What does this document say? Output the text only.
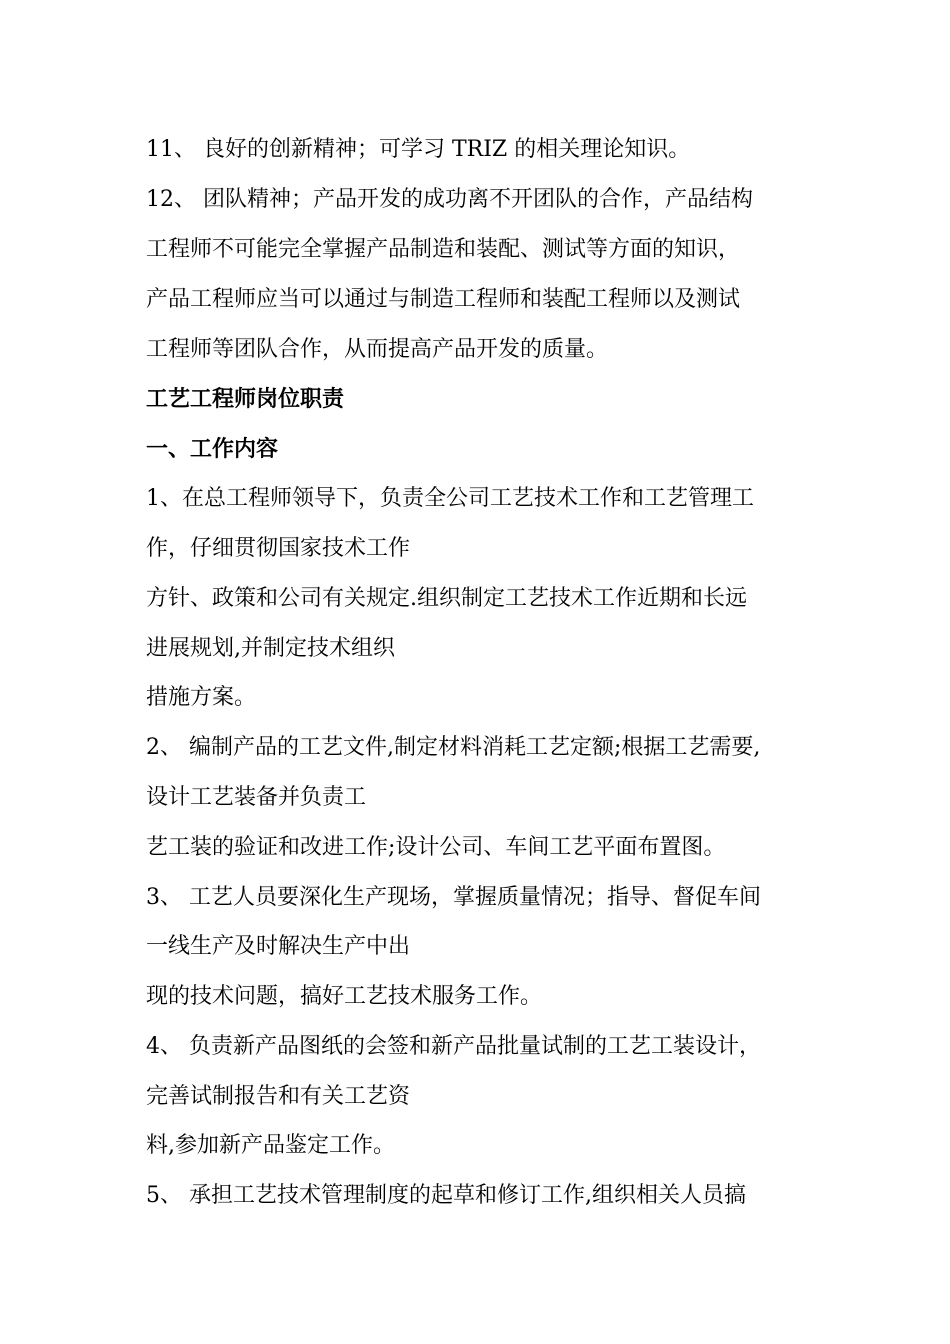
11、 良好的创新精神；可学习 TRIZ 的相关理论知识。
12、 团队精神；产品开发的成功离不开团队的合作，产品结构
工程师不可能完全掌握产品制造和装配、测试等方面的知识，
产品工程师应当可以通过与制造工程师和装配工程师以及测试
工程师等团队合作，从而提高产品开发的质量。
工艺工程师岗位职责
一、工作内容
1、在总工程师领导下，负责全公司工艺技术工作和工艺管理工
作，仔细贯彻国家技术工作
方针、政策和公司有关规定.组织制定工艺技术工作近期和长远
进展规划,并制定技术组织
措施方案。
2、 编制产品的工艺文件,制定材料消耗工艺定额;根据工艺需要,
设计工艺装备并负责工
艺工装的验证和改进工作;设计公司、车间工艺平面布置图。
3、 工艺人员要深化生产现场，掌握质量情况；指导、督促车间
一线生产及时解决生产中出
现的技术问题，搞好工艺技术服务工作。
4、 负责新产品图纸的会签和新产品批量试制的工艺工装设计，
完善试制报告和有关工艺资
料,参加新产品鉴定工作。
5、 承担工艺技术管理制度的起草和修订工作,组织相关人员搞
